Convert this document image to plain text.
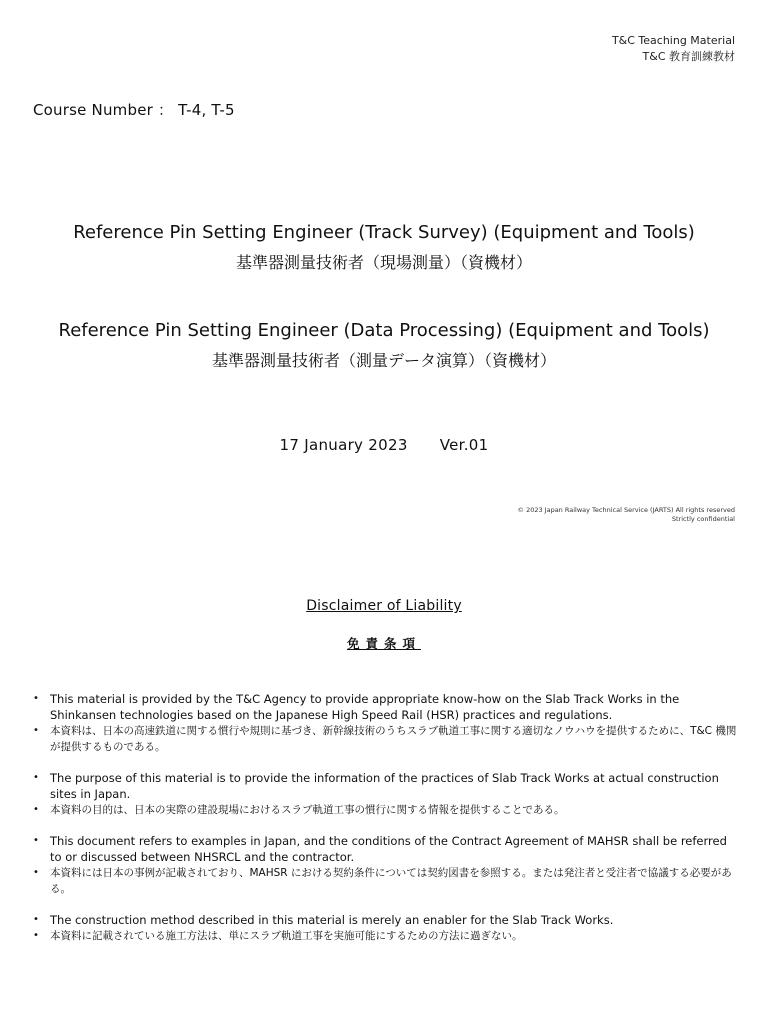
T&C Teaching Material
T&C 教育訓練教材
Course Number ： T-4, T-5
Reference Pin Setting Engineer (Track Survey) (Equipment and Tools)
基準器測量技術者（現場測量）（資機材）
Reference Pin Setting Engineer (Data Processing) (Equipment and Tools)
基準器測量技術者（測量データ演算）（資機材）
17 January 2023 Ver.01
© 2023 Japan Railway Technical Service (JARTS) All rights reserved
Strictly confidential
Disclaimer of Liability
免責条項
• This material is provided by the T&C Agency to provide appropriate know-how on the Slab Track Works in the Shinkansen technologies based on the Japanese High Speed Rail (HSR) practices and regulations.
• 本資料は、日本の高速鉄道に関する慣行や規則に基づき、新幹線技術のうちスラブ軌道工事に関する適切なノウハウを提供するために、T&C 機関が提供するものである。
• The purpose of this material is to provide the information of the practices of Slab Track Works at actual construction sites in Japan.
• 本資料の目的は、日本の実際の建設現場におけるスラブ軌道工事の慣行に関する情報を提供することである。
• This document refers to examples in Japan, and the conditions of the Contract Agreement of MAHSR shall be referred to or discussed between NHSRCL and the contractor.
• 本資料には日本の事例が記載されており、MAHSR における契約条件については契約図書を参照する。または発注者と受注者で協議する必要がある。
• The construction method described in this material is merely an enabler for the Slab Track Works.
• 本資料に記載されている施工方法は、単にスラブ軌道工事を実施可能にするための方法に過ぎない。
